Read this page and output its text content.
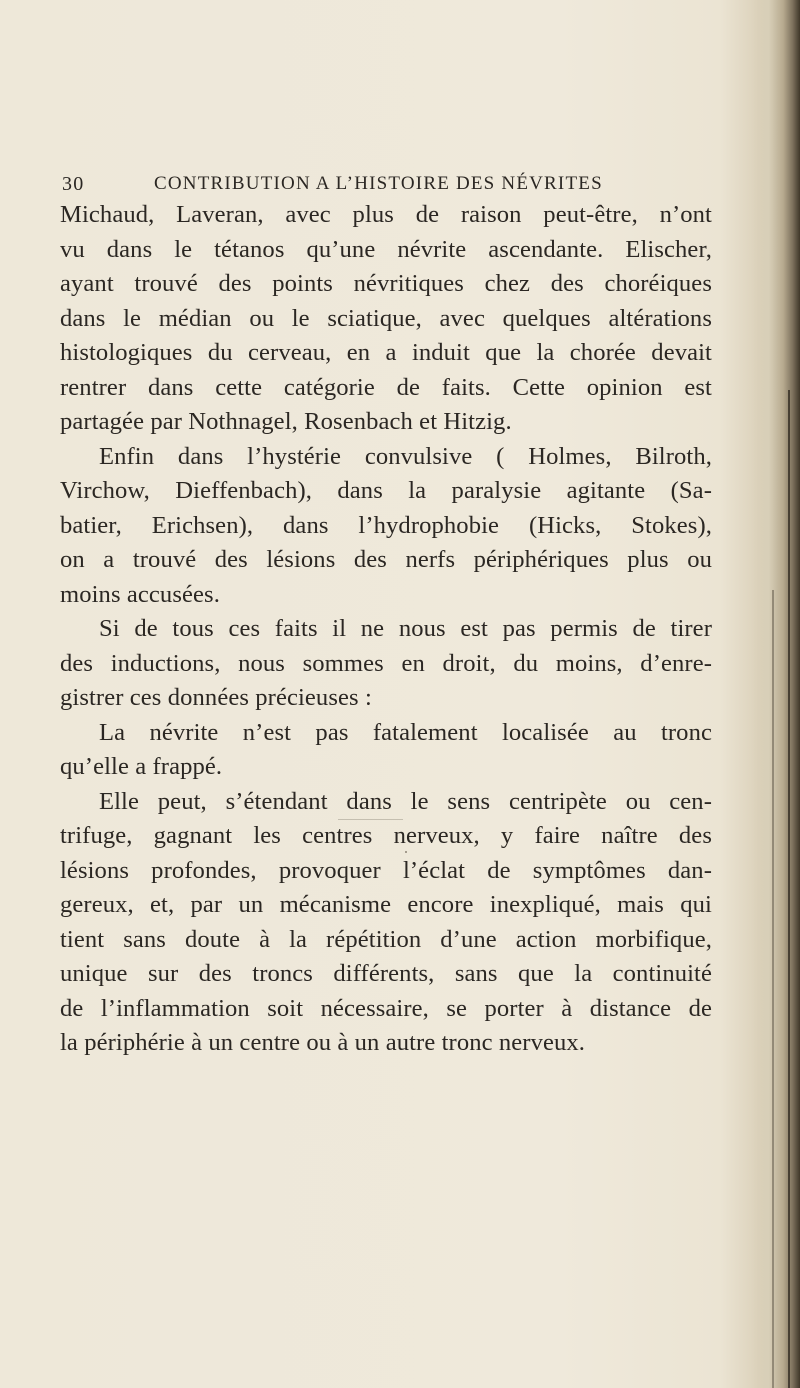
30	CONTRIBUTION A L’HISTOIRE DES NÉVRITES
Michaud, Laveran, avec plus de raison peut-être, n’ont
vu dans le tétanos qu’une névrite ascendante. Elischer,
ayant trouvé des points névritiques chez des choréiques
dans le médian ou le sciatique, avec quelques altérations
histologiques du cerveau, en a induit que la chorée devait
rentrer dans cette catégorie de faits. Cette opinion est
partagée par Nothnagel, Rosenbach et Hitzig.
Enfin dans l’hystérie convulsive ( Holmes, Bilroth,
Virchow, Dieffenbach), dans la paralysie agitante (Sa-
batier, Erichsen), dans l’hydrophobie (Hicks, Stokes),
on a trouvé des lésions des nerfs périphériques plus ou
moins accusées.
Si de tous ces faits il ne nous est pas permis de tirer
des inductions, nous sommes en droit, du moins, d’enre-
gistrer ces données précieuses :
La névrite n’est pas fatalement localisée au tronc
qu’elle a frappé.
Elle peut, s’étendant dans le sens centripète ou cen-
trifuge, gagnant les centres nerveux, y faire naître des
lésions profondes, provoquer l’éclat de symptômes dan-
gereux, et, par un mécanisme encore inexpliqué, mais qui
tient sans doute à la répétition d’une action morbifique,
unique sur des troncs différents, sans que la continuité
de l’inflammation soit nécessaire, se porter à distance de
la périphérie à un centre ou à un autre tronc nerveux.
